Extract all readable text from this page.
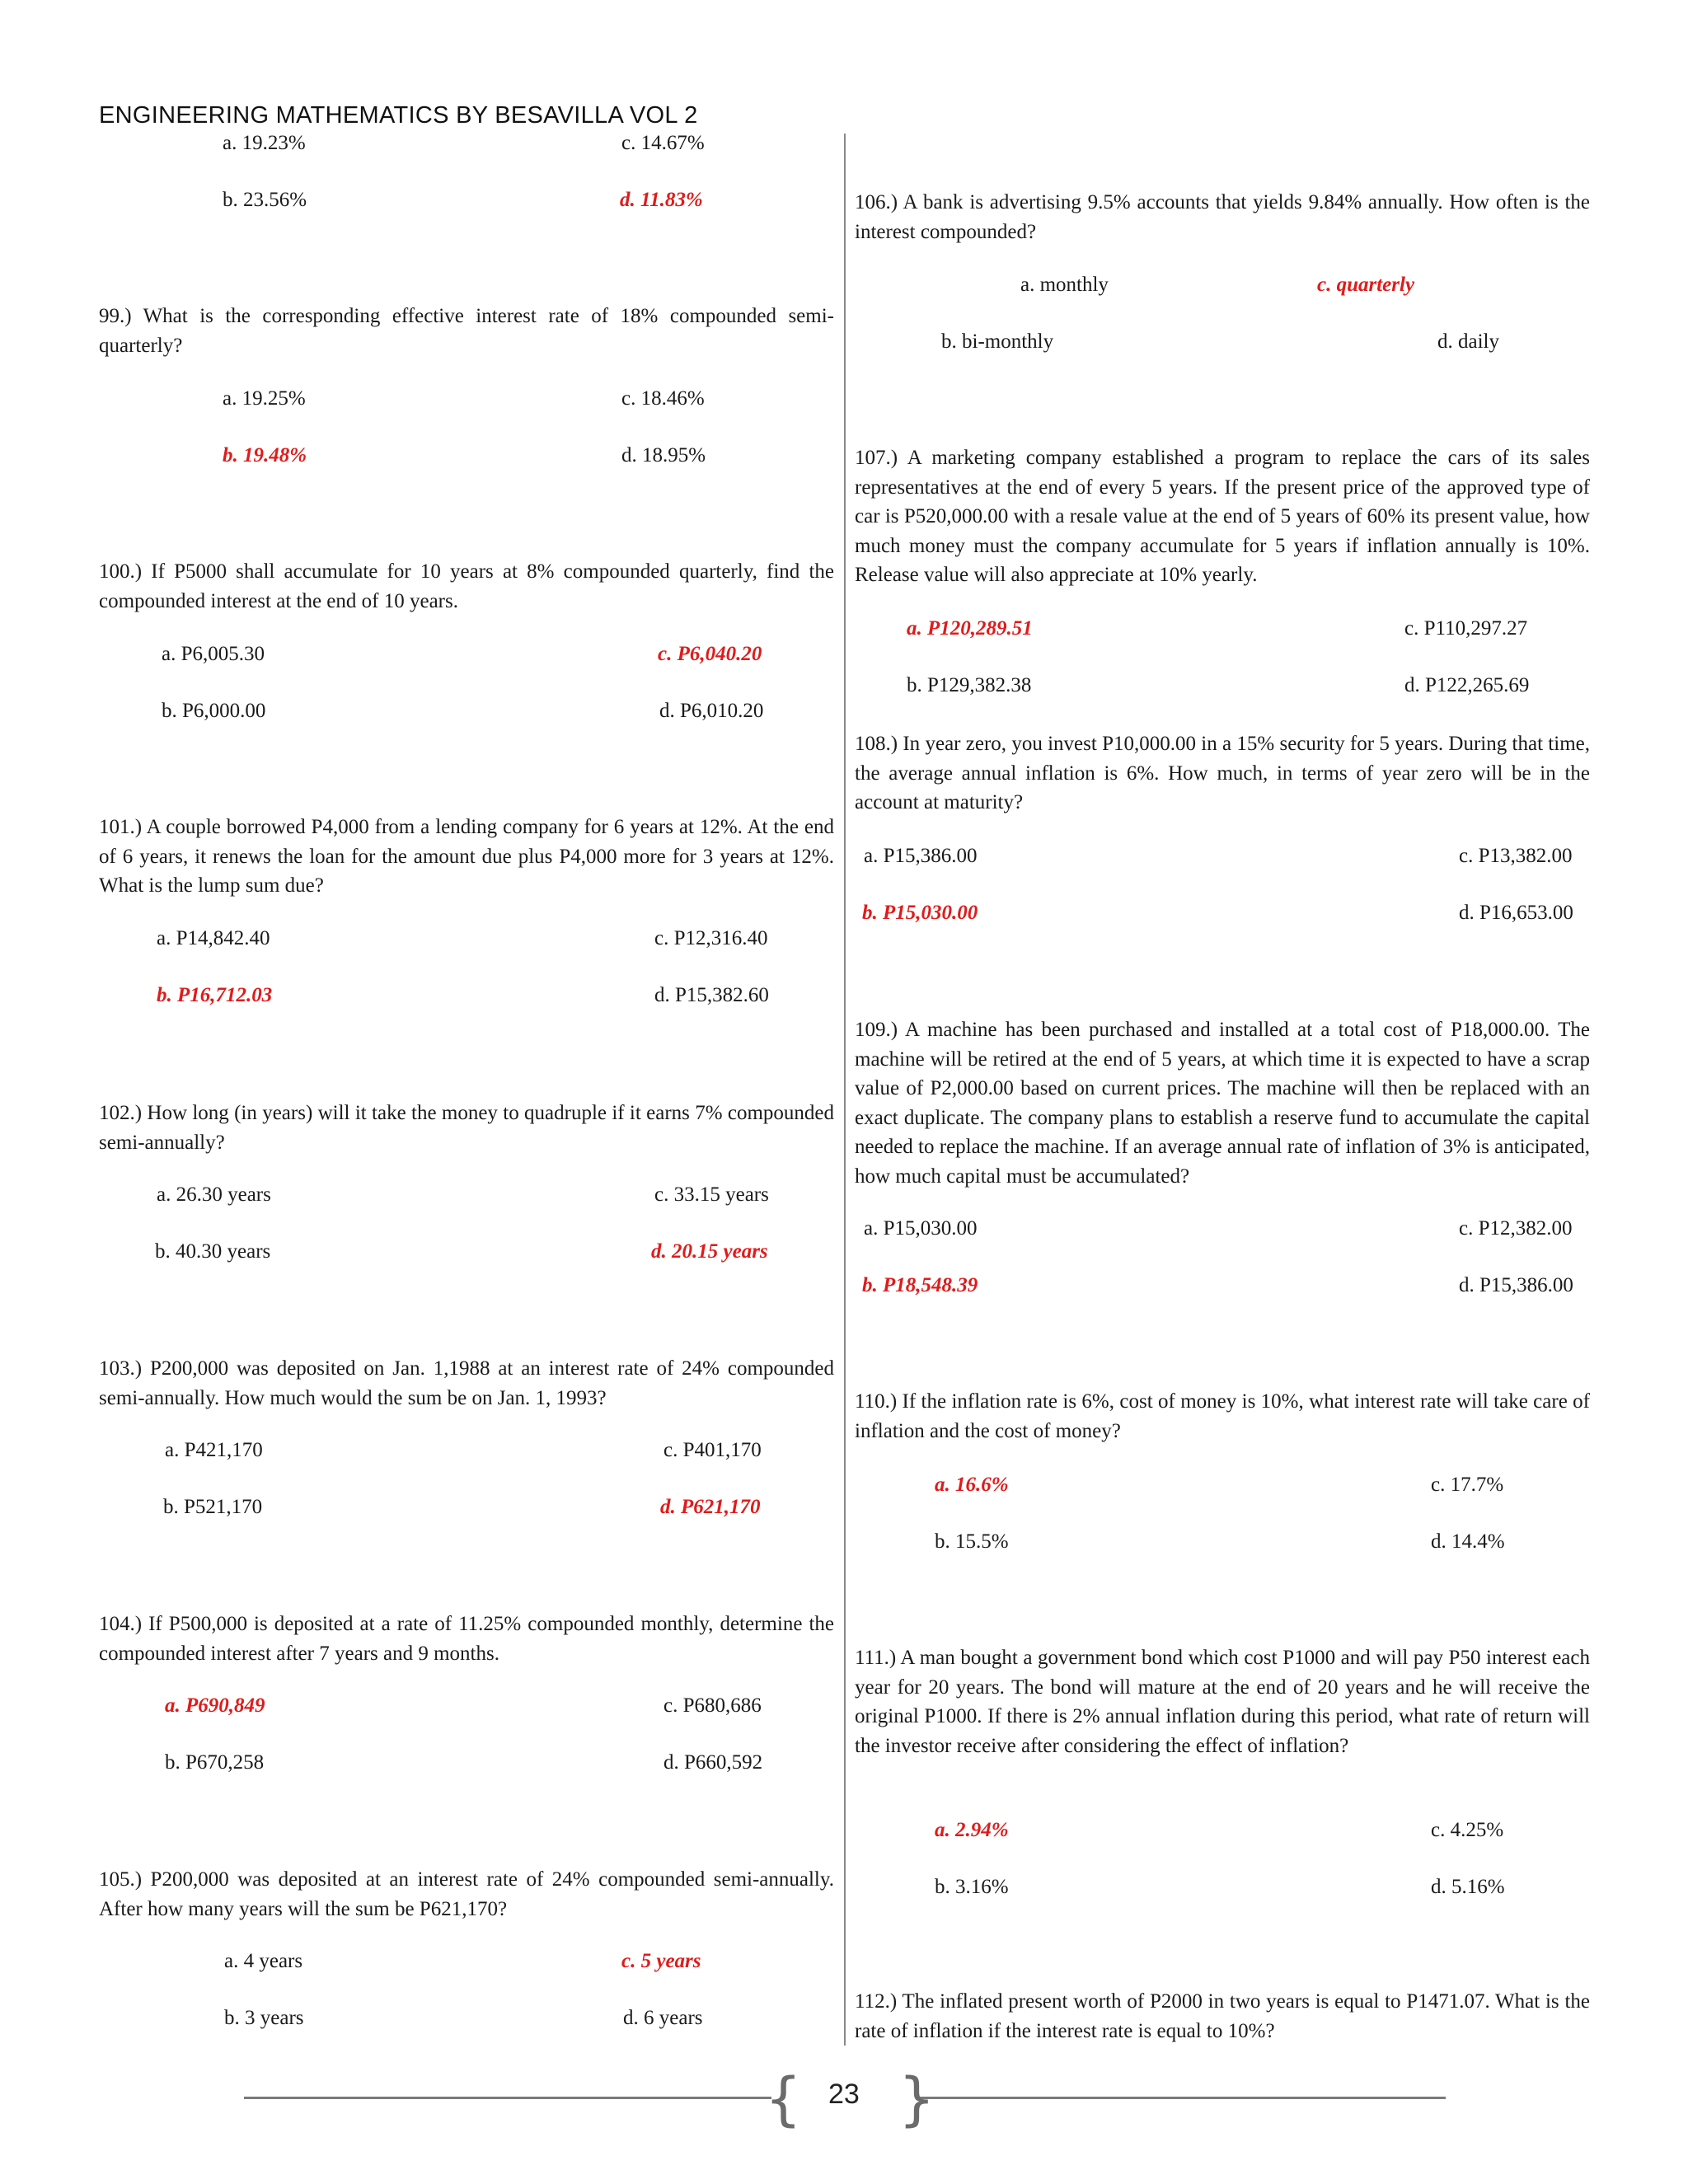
ENGINEERING MATHEMATICS BY BESAVILLA VOL 2
a. 19.23%	c. 14.67%
b. 23.56%	d. 11.83%
99.) What is the corresponding effective interest rate of 18% compounded semi-quarterly?
a. 19.25%	c. 18.46%
b. 19.48%	d. 18.95%
100.) If P5000 shall accumulate for 10 years at 8% compounded quarterly, find the compounded interest at the end of 10 years.
a. P6,005.30	c. P6,040.20
b. P6,000.00	d. P6,010.20
101.) A couple borrowed P4,000 from a lending company for 6 years at 12%. At the end of 6 years, it renews the loan for the amount due plus P4,000 more for 3 years at 12%. What is the lump sum due?
a. P14,842.40	c. P12,316.40
b. P16,712.03	d. P15,382.60
102.) How long (in years) will it take the money to quadruple if it earns 7% compounded semi-annually?
a. 26.30 years	c. 33.15 years
b. 40.30 years	d. 20.15 years
103.) P200,000 was deposited on Jan. 1,1988 at an interest rate of 24% compounded semi-annually. How much would the sum be on Jan. 1, 1993?
a. P421,170	c. P401,170
b. P521,170	d. P621,170
104.) If P500,000 is deposited at a rate of 11.25% compounded monthly, determine the compounded interest after 7 years and 9 months.
a. P690,849	c. P680,686
b. P670,258	d. P660,592
105.) P200,000 was deposited at an interest rate of 24% compounded semi-annually. After how many years will the sum be P621,170?
a. 4 years	c. 5 years
b. 3 years	d. 6 years
106.) A bank is advertising 9.5% accounts that yields 9.84% annually. How often is the interest compounded?
a. monthly	c. quarterly
b. bi-monthly	d. daily
107.) A marketing company established a program to replace the cars of its sales representatives at the end of every 5 years. If the present price of the approved type of car is P520,000.00 with a resale value at the end of 5 years of 60% its present value, how much money must the company accumulate for 5 years if inflation annually is 10%. Release value will also appreciate at 10% yearly.
a. P120,289.51	c. P110,297.27
b. P129,382.38	d. P122,265.69
108.) In year zero, you invest P10,000.00 in a 15% security for 5 years. During that time, the average annual inflation is 6%. How much, in terms of year zero will be in the account at maturity?
a. P15,386.00	c. P13,382.00
b. P15,030.00	d. P16,653.00
109.) A machine has been purchased and installed at a total cost of P18,000.00. The machine will be retired at the end of 5 years, at which time it is expected to have a scrap value of P2,000.00 based on current prices. The machine will then be replaced with an exact duplicate. The company plans to establish a reserve fund to accumulate the capital needed to replace the machine. If an average annual rate of inflation of 3% is anticipated, how much capital must be accumulated?
a. P15,030.00	c. P12,382.00
b. P18,548.39	d. P15,386.00
110.) If the inflation rate is 6%, cost of money is 10%, what interest rate will take care of inflation and the cost of money?
a. 16.6%	c. 17.7%
b. 15.5%	d. 14.4%
111.) A man bought a government bond which cost P1000 and will pay P50 interest each year for 20 years. The bond will mature at the end of 20 years and he will receive the original P1000. If there is 2% annual inflation during this period, what rate of return will the investor receive after considering the effect of inflation?
a. 2.94%	c. 4.25%
b. 3.16%	d. 5.16%
112.) The inflated present worth of P2000 in two years is equal to P1471.07. What is the rate of inflation if the interest rate is equal to 10%?
{ }
23
